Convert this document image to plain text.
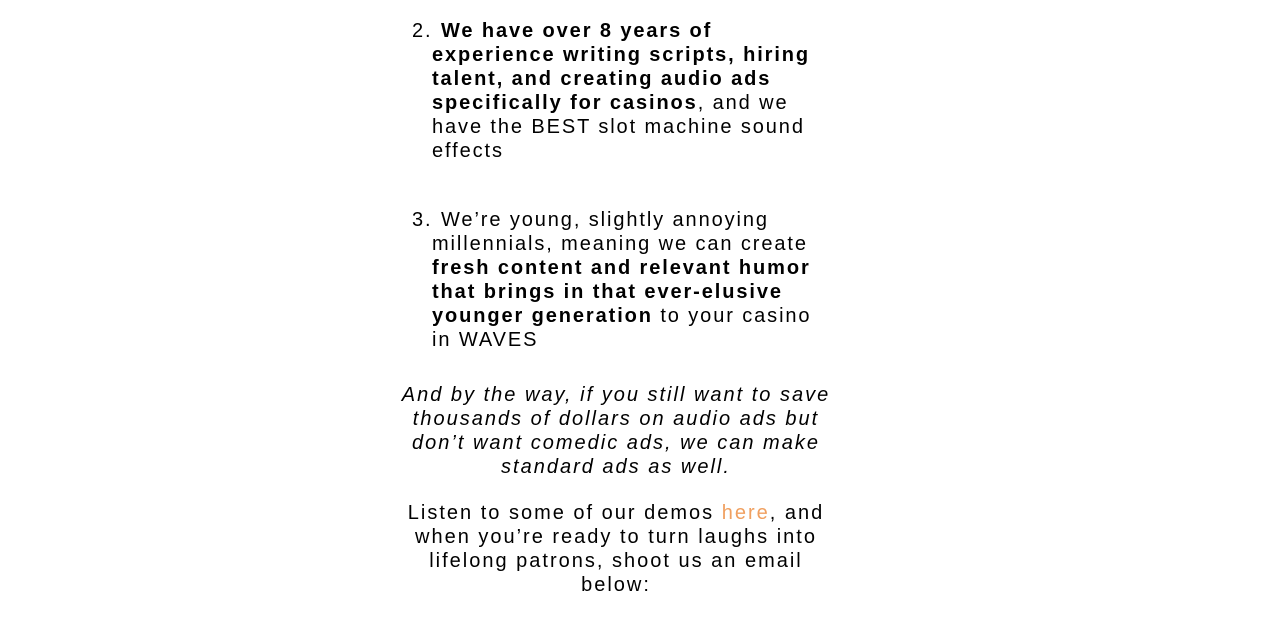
2. We have over 8 years of experience writing scripts, hiring talent, and creating audio ads specifically for casinos, and we have the BEST slot machine sound effects
3. We’re young, slightly annoying millennials, meaning we can create fresh content and relevant humor that brings in that ever-elusive younger generation to your casino in WAVES
And by the way, if you still want to save thousands of dollars on audio ads but don’t want comedic ads, we can make standard ads as well.
Listen to some of our demos here, and when you’re ready to turn laughs into lifelong patrons, shoot us an email below:
